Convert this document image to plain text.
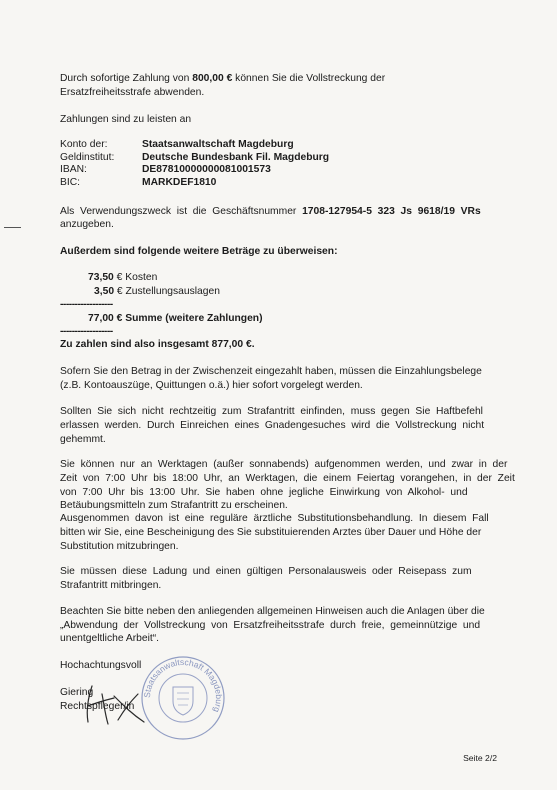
Durch sofortige Zahlung von 800,00 € können Sie die Vollstreckung der
Ersatzfreiheitsstrafe abwenden.
Zahlungen sind zu leisten an
Konto der:	Staatsanwaltschaft Magdeburg
Geldinstitut:	Deutsche Bundesbank Fil. Magdeburg
IBAN:	DE87810000000081001573
BIC:	MARKDEF1810
Als  Verwendungszweck  ist  die  Geschäftsnummer  1708-127954-5  323  Js  9618/19  VRs
anzugeben.
Außerdem sind folgende weitere Beträge zu überweisen:
73,50 € Kosten
3,50 € Zustellungsauslagen
------------------
77,00 € Summe (weitere Zahlungen)
------------------
Zu zahlen sind also insgesamt 877,00 €.
Sofern Sie den Betrag in der Zwischenzeit eingezahlt haben, müssen die Einzahlungsbelege
(z.B. Kontoauszüge, Quittungen o.ä.) hier sofort vorgelegt werden.
Sollten  Sie  sich  nicht  rechtzeitig  zum  Strafantritt  einfinden,  muss  gegen  Sie  Haftbefehl
erlassen  werden.  Durch  Einreichen  eines  Gnadengesuches  wird  die  Vollstreckung  nicht
gehemmt.
Sie  können  nur  an  Werktagen  (außer  sonnabends)  aufgenommen  werden,  und  zwar  in  der
Zeit  von  7:00  Uhr  bis  18:00  Uhr,  an  Werktagen,  die  einem  Feiertag  vorangehen,  in  der  Zeit
von  7:00  Uhr  bis  13:00  Uhr.  Sie  haben  ohne  jegliche  Einwirkung  von  Alkohol-  und
Betäubungsmitteln zum Strafantritt zu erscheinen.
Ausgenommen  davon  ist  eine  reguläre  ärztliche  Substitutionsbehandlung.  In  diesem  Fall
bitten wir Sie, eine Bescheinigung des Sie substituierenden Arztes über Dauer und Höhe der
Substitution mitzubringen.
Sie  müssen  diese  Ladung  und  einen  gültigen  Personalausweis  oder  Reisepass  zum
Strafantritt mitbringen.
Beachten Sie bitte neben den anliegenden allgemeinen Hinweisen auch die Anlagen über die
„Abwendung  der  Vollstreckung  von  Ersatzfreiheitsstrafe  durch  freie,  gemeinnützige  und
unentgeltliche Arbeit“.
Hochachtungsvoll
Staatsanwaltschaft Magdeburg
Giering
Rechtspfleger/in
Seite 2/2
